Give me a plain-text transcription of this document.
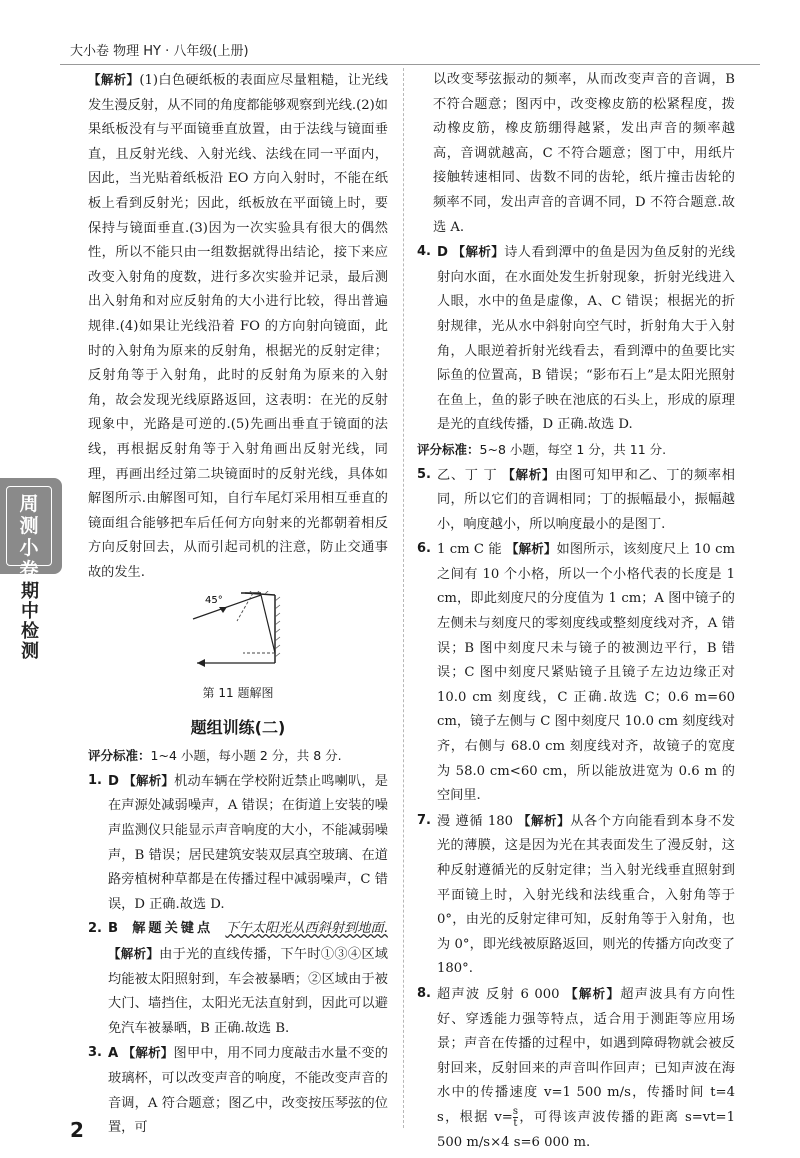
大小卷 物理 HY · 八年级(上册)
周
测
小
卷
期
中
检
测

【解析】(1)白色硬纸板的表面应尽量粗糙，让光线发生漫反射，从不同的角度都能够观察到光线.(2)如果纸板没有与平面镜垂直放置，由于法线与镜面垂直，且反射光线、入射光线、法线在同一平面内，因此，当光贴着纸板沿 EO 方向入射时，不能在纸板上看到反射光；因此，纸板放在平面镜上时，要保持与镜面垂直.(3)因为一次实验具有很大的偶然性，所以不能只由一组数据就得出结论，接下来应改变入射角的度数，进行多次实验并记录，最后测出入射角和对应反射角的大小进行比较，得出普遍规律.(4)如果让光线沿着 FO 的方向射向镜面，此时的入射角为原来的反射角，根据光的反射定律；反射角等于入射角，此时的反射角为原来的入射角，故会发现光线原路返回，这表明：在光的反射现象中，光路是可逆的.(5)先画出垂直于镜面的法线，再根据反射角等于入射角画出反射光线，同理，再画出经过第二块镜面时的反射光线，具体如解图所示.由解图可知，自行车尾灯采用相互垂直的镜面组合能够把车后任何方向射来的光都朝着相反方向反射回去，从而引起司机的注意，防止交通事故的发生.

45°
第 11 题解图
题组训练(二)

评分标准：1~4 小题，每小题 2 分，共 8 分.

1. D 【解析】机动车辆在学校附近禁止鸣喇叭，是在声源处减弱噪声，A 错误；在街道上安装的噪声监测仪只能显示声音响度的大小，不能减弱噪声，B 错误；居民建筑安装双层真空玻璃、在道路旁植树种草都是在传播过程中减弱噪声，C 错误，D 正确.故选 D.
2. B 解题关键点 下午太阳光从西斜射到地面.
【解析】由于光的直线传播，下午时①③④区域均能被太阳照射到，车会被暴晒；②区域由于被大门、墙挡住，太阳光无法直射到，因此可以避免汽车被暴晒，B 正确.故选 B.
3. A 【解析】图甲中，用不同力度敲击水量不变的玻璃杯，可以改变声音的响度，不能改变声音的音调，A 符合题意；图乙中，改变按压琴弦的位置，可

以改变琴弦振动的频率，从而改变声音的音调，B 不符合题意；图丙中，改变橡皮筋的松紧程度，拨动橡皮筋，橡皮筋绷得越紧，发出声音的频率越高，音调就越高，C 不符合题意；图丁中，用纸片接触转速相同、齿数不同的齿轮，纸片撞击齿轮的频率不同，发出声音的音调不同，D 不符合题意.故选 A.

4. D 【解析】诗人看到潭中的鱼是因为鱼反射的光线射向水面，在水面处发生折射现象，折射光线进入人眼，水中的鱼是虚像，A、C 错误；根据光的折射规律，光从水中斜射向空气时，折射角大于入射角，人眼逆着折射光线看去，看到潭中的鱼要比实际鱼的位置高，B 错误；“影布石上”是太阳光照射在鱼上，鱼的影子映在池底的石头上，形成的原理是光的直线传播，D 正确.故选 D.

评分标准：5~8 小题，每空 1 分，共 11 分.

5. 乙、丁 丁 【解析】由图可知甲和乙、丁的频率相同，所以它们的音调相同；丁的振幅最小，振幅越小，响度越小，所以响度最小的是图丁.
6. 1 cm C 能 【解析】如图所示，该刻度尺上 10 cm 之间有 10 个小格，所以一个小格代表的长度是 1 cm，即此刻度尺的分度值为 1 cm；A 图中镜子的左侧未与刻度尺的零刻度线或整刻度线对齐，A 错误；B 图中刻度尺未与镜子的被测边平行，B 错误；C 图中刻度尺紧贴镜子且镜子左边边缘正对 10.0 cm 刻度线，C 正确.故选 C；0.6 m=60 cm，镜子左侧与 C 图中刻度尺 10.0 cm 刻度线对齐，右侧与 68.0 cm 刻度线对齐，故镜子的宽度为 58.0 cm<60 cm，所以能放进宽为 0.6 m 的空间里.
7. 漫 遵循 180 【解析】从各个方向能看到本身不发光的薄膜，这是因为光在其表面发生了漫反射，这种反射遵循光的反射定律；当入射光线垂直照射到平面镜上时，入射光线和法线重合，入射角等于 0°，由光的反射定律可知，反射角等于入射角，也为 0°，即光线被原路返回，则光的传播方向改变了 180°.
8. 超声波 反射 6 000 【解析】超声波具有方向性好、穿透能力强等特点，适合用于测距等应用场景；声音在传播的过程中，如遇到障碍物就会被反射回来，反射回来的声音叫作回声；已知声波在海水中的传播速度 v=1 500 m/s，传播时间 t=4 s，根据 $v= \frac{s}{t}$ ，可得该声波传播的距离 s=vt=1 500 m/s×4 s=6 000 m.
2
